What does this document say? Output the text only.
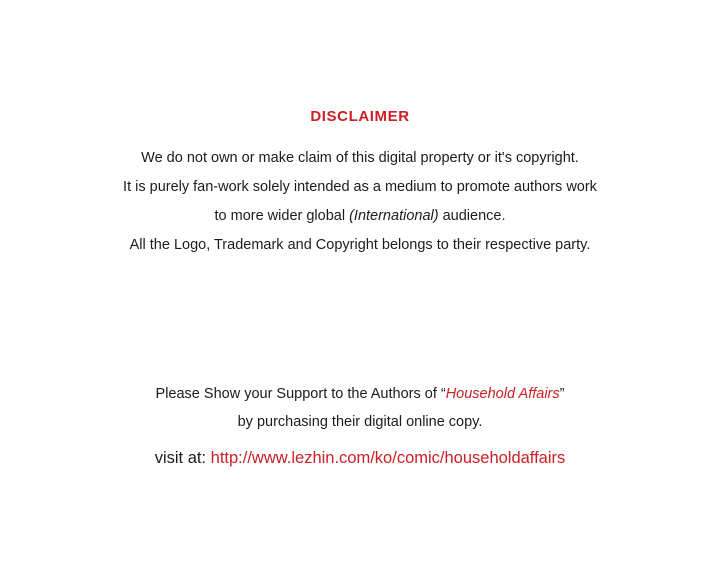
DISCLAIMER
We do not own or make claim of this digital property or it's copyright.
It is purely fan-work solely intended as a medium to promote authors work
to more wider global (International) audience.
All the Logo, Trademark and Copyright belongs to their respective party.
Please Show your Support to the Authors of “Household Affairs”
by purchasing their digital online copy.
visit at: http://www.lezhin.com/ko/comic/householdaffairs
